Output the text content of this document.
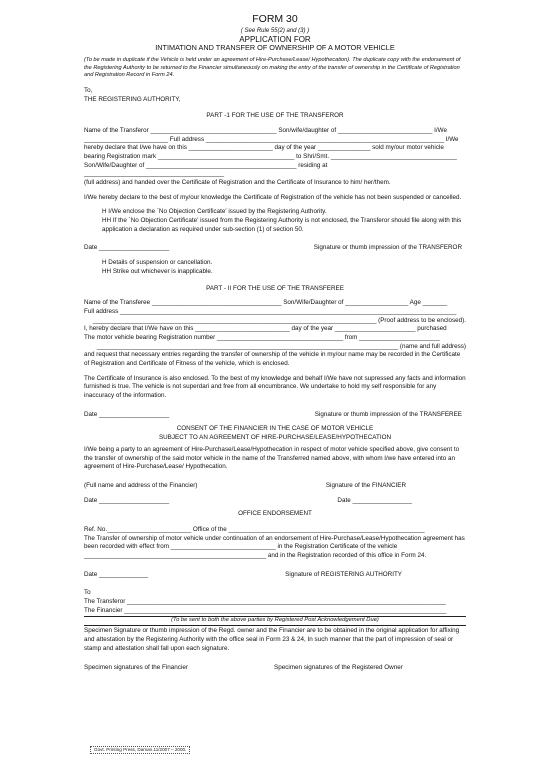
FORM 30
( See Rule 55(2) and (3) )
APPLICATION FOR
INTIMATION AND TRANSFER OF OWNERSHIP OF A MOTOR VEHICLE

(To be made in duplicate if the Vehicle is held under an agreement of Hire-Purchase/Lease/ Hypothecation). The duplicate copy with the endorsement of the Registering Authority to be returned to the Financier simultaneously on making the entry of the transfer of ownership in the Certificate of Registration and Registration Record in Form 24.

To,

THE REGISTERING AUTHORITY,

PART -1 FOR THE USE OF THE TRANSFEROR

Name of the Transferor ____________________________________ Son/wife/daughter of ___________________________ I/We

________________________ Full address ____________________________________________________________________ I/We

hereby declare that I/we have on this ________________________ day of the year _______________ sold my/our motor vehicle

bearing Registration mark _______________________________________ to Shri/Smt. ____________________________________

Son/Wife/Daughter of ___________________________________________ residing at ________________________________________

(full address) and handed over the Certificate of Registration and the Certificate of Insurance to him/ her/them.

I/We hereby declare to the best of my/our knowledge the Certificate of Registration of the vehicle has not been suspended or cancelled.

H I/We enclose the `No Objection Certificate' issued by the Registering Authority.

HH If the `No Objection Certificate' issued from the Registering Authority is not enclosed, the Transferor should file along with this application a declaration as required under sub-section (1) of section 50.

Date ____________________	Signature or thumb impression of the TRANSFEROR

H Details of suspension or cancellation.

HH Strike out whichever is inapplicable.

PART - II FOR THE USE OF THE TRANSFEREE

Name of the Transferee _____________________________________ Son/Wife/Daughter of __________________ Age _______

Full address ________________________________________________________________________________________________

_________________________________________________________________________________ (Proof address to be enclosed).

I, hereby declare that I/We have on this ___________________________ day of the year _______________________ purchased

The motor vehicle bearing Registration number ____________________________________ from _______________________

______________________________________________________________________________________ (name and full address)

and request that necessary entries regarding the transfer of ownership of the vehicle in my/our name may be recorded in the Certificate of Registration and Certificate of Fitness of the vehicle, which is enclosed.

The Certificate of Insurance is also enclosed. To the best of my knowledge and behalf I/We have not supressed any facts and information furnished is true. The vehicle is not superdari and free from all encumbrance. We undertake to hold my self responsible for any inaccuracy of the information.

Date ____________________	Signature or thumb impression of the TRANSFEREE
CONSENT OF THE FINANCIER IN THE CASE OF MOTOR VEHICLE
SUBJECT TO AN AGREEMENT OF HIRE-PURCHASE/LEASE/HYPOTHECATION

I/We being a party to an agreement of Hire-Purchase/Lease/Hypothecation in respect of motor vehicle specified above, give consent to the transfer of ownership of the said motor vehicle in the name of the Transferred named above, with whom I/we have entered into an agreement of Hire-Purchase/Lease/ Hypothecation.

(Full name and address of the Financier)	Signature of the FINANCIER
Date ____________________	Date _________________
OFFICE ENDORSEMENT

Ref. No.________________________ Office of the ________________________________________________________

The Transfer of ownership of motor vehicle under continuation of an endorsement of Hire-Purchase/Lease/Hypothecation agreement has been recorded with effect from ______________________________ in the Registration Certificate of the vehicle

____________________________________________________ and in the Registration recorded of this office in Form 24.

Date ______________	Signature of REGISTERING AUTHORITY

To

The Transferor ___________________________________________________________________________________________

The Financier ____________________________________________________________________________________________

(To be sent to both the above parties by Registered Post Acknowledgement Due)

Specimen Signature or thumb impression of the Regd. owner and the Financier are to be obtained in the original application for affixing and attestation by the Registering Authority with the office seal in Form 23 & 24, In such manner that the part of impression of seal or stamp and attestation shall fall upon each signature.

Specimen signatures of the Financier	Specimen signatures of the Registered Owner
Govt. Printing Press, Daman.11/2007 – 2000.
